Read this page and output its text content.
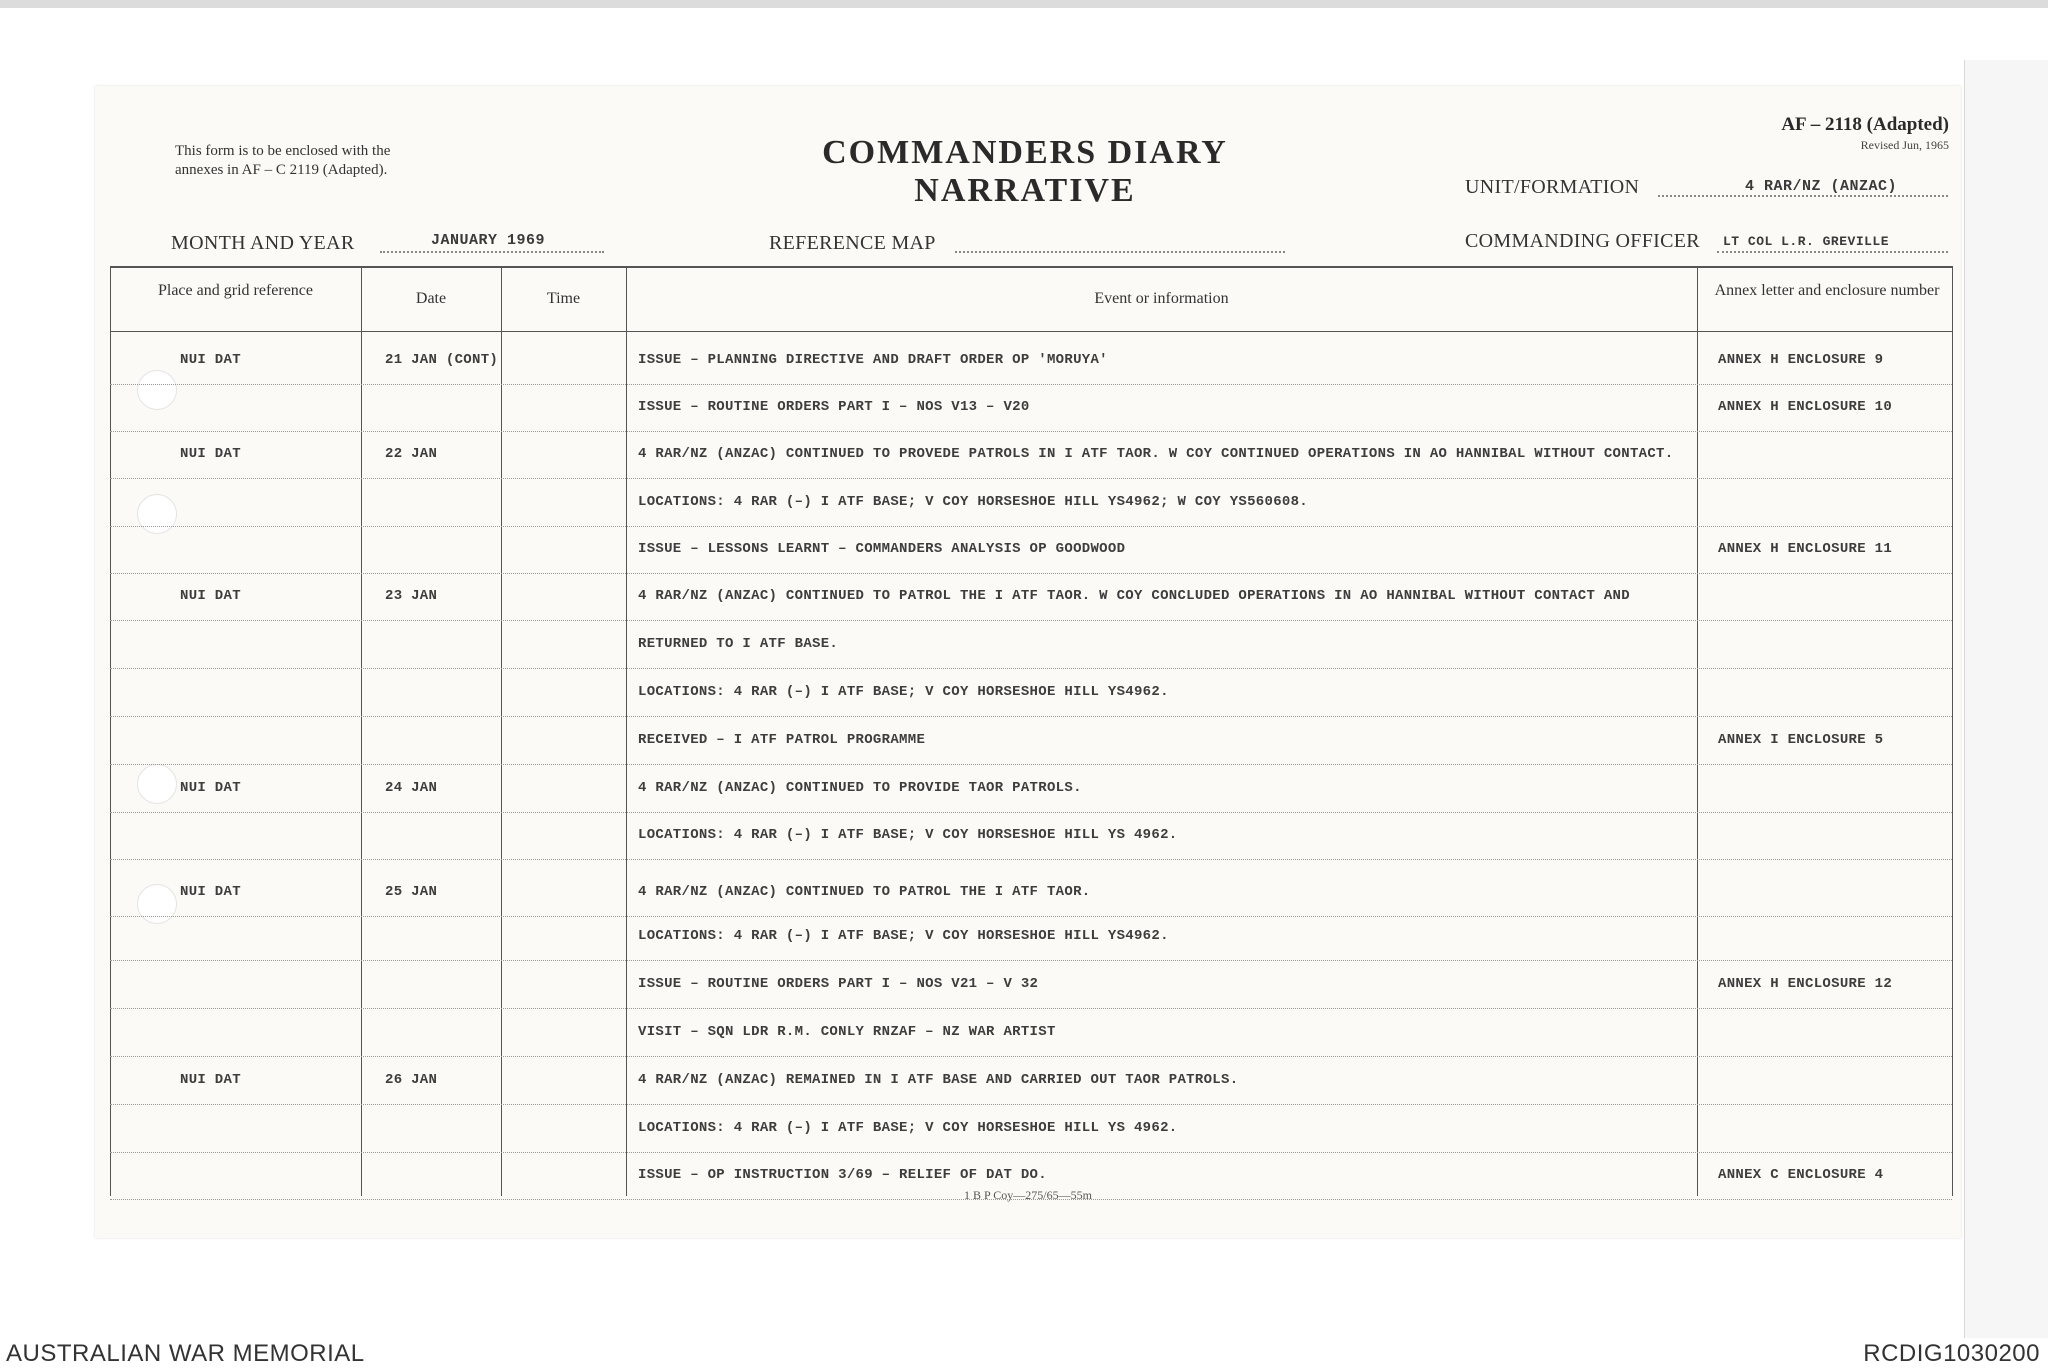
This form is to be enclosed with the
annexes in AF – C 2119 (Adapted).	COMMANDERS DIARY NARRATIVE
AF – 2118 (Adapted)
Revised Jun, 1965
UNIT/FORMATION	4 RAR/NZ (ANZAC)
MONTH AND YEAR	JANUARY 1969	REFERENCE MAP	COMMANDING OFFICER LT COL L.R. GREVILLE
Place and grid reference	Date	Time	Event or information	Annex letter and enclosure number
NUI DAT	21 JAN (CONT)	ISSUE – PLANNING DIRECTIVE AND DRAFT ORDER OP 'MORUYA'	ANNEX H ENCLOSURE 9
ISSUE – ROUTINE ORDERS PART I – NOS V13 – V20	ANNEX H ENCLOSURE 10
NUI DAT	22 JAN	4 RAR/NZ (ANZAC) CONTINUED TO PROVEDE PATROLS IN I ATF TAOR. W COY CONTINUED OPERATIONS IN AO HANNIBAL WITHOUT CONTACT.
LOCATIONS: 4 RAR (–) I ATF BASE; V COY HORSESHOE HILL YS4962; W COY YS560608.
ISSUE – LESSONS LEARNT – COMMANDERS ANALYSIS OP GOODWOOD	ANNEX H ENCLOSURE 11
NUI DAT	23 JAN	4 RAR/NZ (ANZAC) CONTINUED TO PATROL THE I ATF TAOR. W COY CONCLUDED OPERATIONS IN AO HANNIBAL WITHOUT CONTACT AND
RETURNED TO I ATF BASE.
LOCATIONS: 4 RAR (–) I ATF BASE; V COY HORSESHOE HILL YS4962.
RECEIVED – I ATF PATROL PROGRAMME	ANNEX I ENCLOSURE 5
NUI DAT	24 JAN	4 RAR/NZ (ANZAC) CONTINUED TO PROVIDE TAOR PATROLS.
LOCATIONS: 4 RAR (–) I ATF BASE; V COY HORSESHOE HILL YS 4962.
NUI DAT	25 JAN	4 RAR/NZ (ANZAC) CONTINUED TO PATROL THE I ATF TAOR.
LOCATIONS: 4 RAR (–) I ATF BASE; V COY HORSESHOE HILL YS4962.
ISSUE – ROUTINE ORDERS PART I – NOS V21 – V 32	ANNEX H ENCLOSURE 12
VISIT – SQN LDR R.M. CONLY RNZAF – NZ WAR ARTIST
NUI DAT	26 JAN	4 RAR/NZ (ANZAC) REMAINED IN I ATF BASE AND CARRIED OUT TAOR PATROLS.
LOCATIONS: 4 RAR (–) I ATF BASE; V COY HORSESHOE HILL YS 4962.
ISSUE – OP INSTRUCTION 3/69 – RELIEF OF DAT DO.	ANNEX C ENCLOSURE 4
1 B P Coy—275/65—55m
AUSTRALIAN WAR MEMORIAL	RCDIG1030200
